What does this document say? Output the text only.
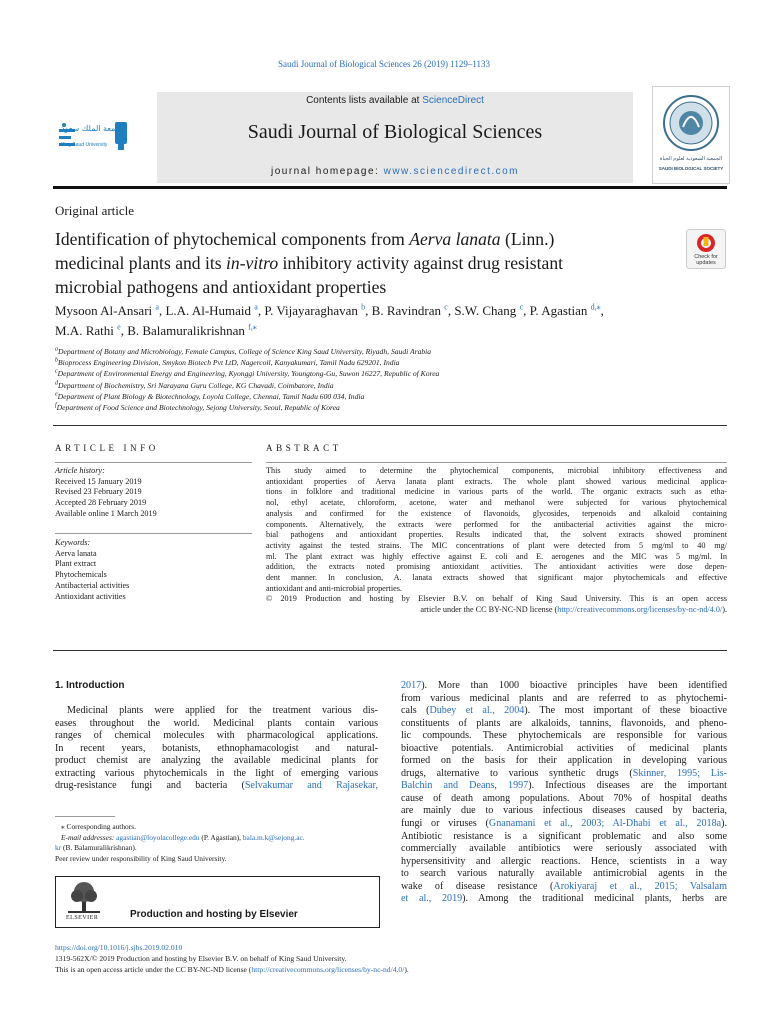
Saudi Journal of Biological Sciences 26 (2019) 1129–1133
Contents lists available at ScienceDirect
Saudi Journal of Biological Sciences
journal homepage: www.sciencedirect.com
جامعة الملك سعود
King Saud University
الجمعية السعودية لعلوم الحياة
SAUDI BIOLOGICAL SOCIETY
Original article
Identification of phytochemical components from Aerva lanata (Linn.)
medicinal plants and its in-vitro inhibitory activity against drug resistant
microbial pathogens and antioxidant properties
Check for
updates
Mysoon Al-Ansari $^a$, L.A. Al-Humaid $^a$, P. Vijayaraghavan $^b$, B. Ravindran $^c$, S.W. Chang $^c$, P. Agastian $^{d,⁎}$,
M.A. Rathi $^e$, B. Balamuralikrishnan $^{f,⁎}$
$^a$Department of Botany and Microbiology, Female Campus, College of Science King Saud University, Riyadh, Saudi Arabia
$^b$Bioprocess Engineering Division, Smykon Biotech Pvt LtD, Nagercoil, Kanyakumari, Tamil Nadu 629201, India
$^c$Department of Environmental Energy and Engineering, Kyonggi University, Youngtong-Gu, Suwon 16227, Republic of Korea
$^d$Department of Biochemistry, Sri Narayana Guru College, KG Chavadi, Coimbatore, India
$^e$Department of Plant Biology & Biotechnology, Loyola College, Chennai, Tamil Nadu 600 034, India
$^f$Department of Food Science and Biotechnology, Sejong University, Seoul, Republic of Korea
ARTICLE INFO
Article history:
Received 15 January 2019
Revised 23 February 2019
Accepted 28 February 2019
Available online 1 March 2019
Keywords:
Aerva lanata
Plant extract
Phytochemicals
Antibacterial activities
Antioxidant activities
ABSTRACT
This study aimed to determine the phytochemical components, microbial inhibitory effectiveness and
antioxidant properties of Aerva lanata plant extracts. The whole plant showed various medicinal applica-
tions in folklore and traditional medicine in various parts of the world. The organic extracts such as etha-
nol, ethyl acetate, chloroform, acetone, water and methanol were subjected for various phytochemical
analysis and confirmed for the existence of flavonoids, glycosides, terpenoids and alkaloid containing
components. Alternatively, the extracts were performed for the antibacterial activities against the micro-
bial pathogens and antioxidant properties. Results indicated that, the solvent extracts showed prominent
activity against the tested strains. The MIC concentrations of plant were detected from 5 mg/ml to 40 mg/
ml. The plant extract was highly effective against E. coli and E. aerogenes and the MIC was 5 mg/ml. In
addition, the extracts noted promising antioxidant activities. The antioxidant activities were dose depen-
dent manner. In conclusion, A. lanata extracts showed that significant major phytochemicals and effective
antioxidant and anti-microbial properties.
© 2019 Production and hosting by Elsevier B.V. on behalf of King Saud University. This is an open access
article under the CC BY-NC-ND license (http://creativecommons.org/licenses/by-nc-nd/4.0/).
1. Introduction
Medicinal plants were applied for the treatment various dis-
eases throughout the world. Medicinal plants contain various
ranges of chemical molecules with pharmacological applications.
In recent years, botanists, ethnophamacologist and natural-
product chemist are analyzing the available medicinal plants for
extracting various phytochemicals in the light of emerging various
drug-resistance fungi and bacteria (Selvakumar and Rajasekar,
⁎ Corresponding authors.
E-mail addresses: agastian@loyolacollege.edu (P. Agastian), bala.m.k@sejong.ac.
kr (B. Balamuralikrishnan).
Peer review under responsibility of King Saud University.
ELSEVIER	Production and hosting by Elsevier
2017). More than 1000 bioactive principles have been identified
from various medicinal plants and are referred to as phytochemi-
cals (Dubey et al., 2004). The most important of these bioactive
constituents of plants are alkaloids, tannins, flavonoids, and pheno-
lic compounds. These phytochemicals are responsible for various
bioactive potentials. Antimicrobial activities of medicinal plants
formed on the basis for their application in developing various
drugs, alternative to various synthetic drugs (Skinner, 1995; Lis-
Balchin and Deans, 1997). Infectious diseases are the important
cause of death among populations. About 70% of hospital deaths
are mainly due to various infectious diseases caused by bacteria,
fungi or viruses (Gnanamani et al., 2003; Al-Dhabi et al., 2018a).
Antibiotic resistance is a significant problematic and also some
commercially available antibiotics were seriously associated with
hypersensitivity and allergic reactions. Hence, scientists in a way
to search various naturally available antimicrobial agents in the
wake of disease resistance (Arokiyaraj et al., 2015; Valsalam
et al., 2019). Among the traditional medicinal plants, herbs are
https://doi.org/10.1016/j.sjbs.2019.02.010
1319-562X/© 2019 Production and hosting by Elsevier B.V. on behalf of King Saud University.
This is an open access article under the CC BY-NC-ND license (http://creativecommons.org/licenses/by-nc-nd/4.0/).
